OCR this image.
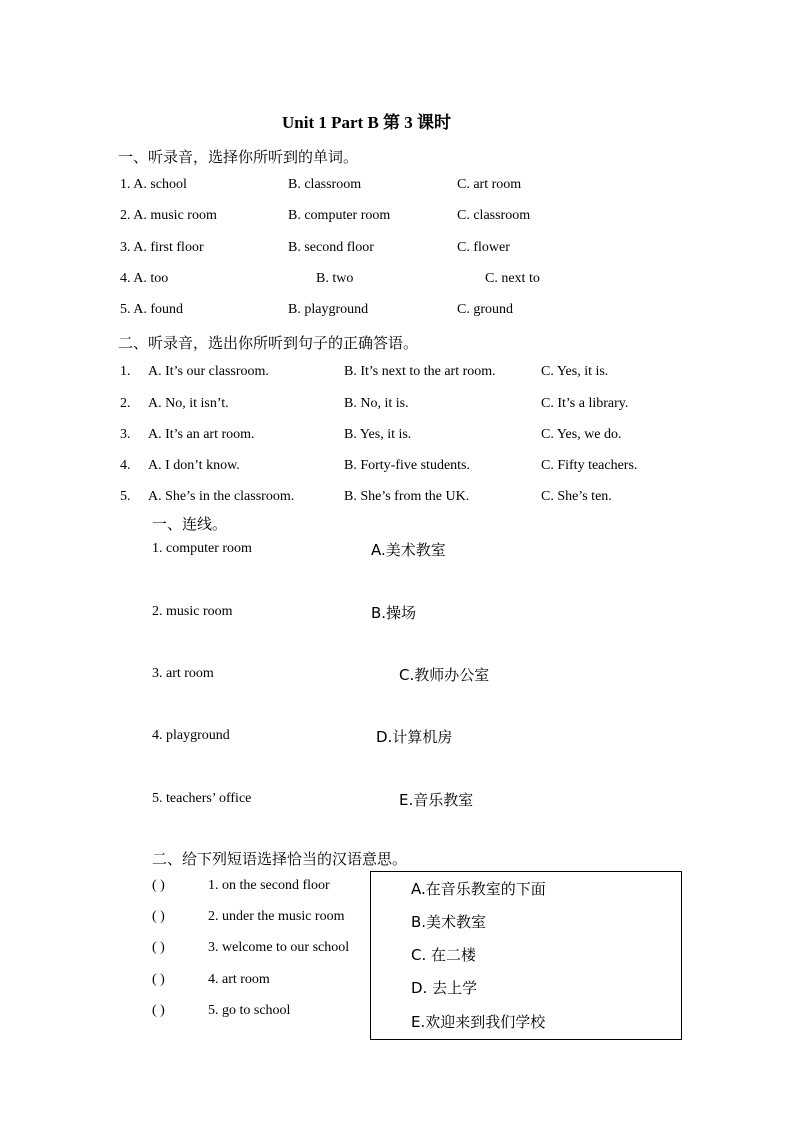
Unit 1 Part B 第 3 课时
一、听录音，选择你所听到的单词。
1. A. school	B. classroom	C. art room
2. A. music room	B. computer room	C. classroom
3. A. first floor	B. second floor	C. flower
4. A. too	B. two	C. next to
5. A. found	B. playground	C. ground
二、听录音，选出你所听到句子的正确答语。
1. A. It’s our classroom.	B. It’s next to the art room.	C. Yes, it is.
2. A. No, it isn’t.	B. No, it is.	C. It’s a library.
3. A. It’s an art room.	B. Yes, it is.	C. Yes, we do.
4. A. I don’t know.	B. Forty-five students.	C. Fifty teachers.
5. A. She’s in the classroom.	B. She’s from the UK.	C. She’s ten.
一、连线。
1. computer room	A.美术教室
2. music room	B.操场
3. art room	C.教师办公室
4. playground	D.计算机房
5. teachers’ office	E.音乐教室
二、给下列短语选择恰当的汉语意思。
( )	1. on the second floor
( )	2. under the music room
( )	3. welcome to our school
( )	4. art room
( )	5. go to school
A.在音乐教室的下面
B.美术教室
C. 在二楼
D. 去上学
E.欢迎来到我们学校
